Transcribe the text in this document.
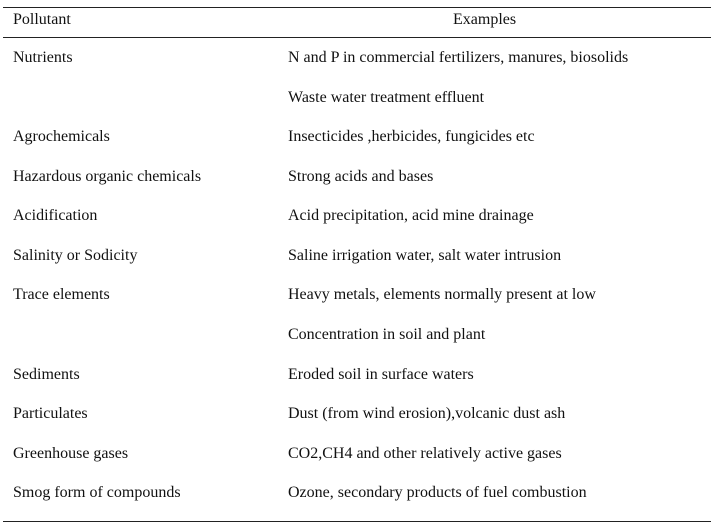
Pollutant	Examples
Nutrients	N and P in commercial fertilizers, manures, biosolids
Waste water treatment effluent
Agrochemicals	Insecticides ,herbicides, fungicides etc
Hazardous organic chemicals	Strong acids and bases
Acidification	Acid precipitation, acid mine drainage
Salinity or Sodicity	Saline irrigation water, salt water intrusion
Trace elements	Heavy metals, elements normally present at low
Concentration in soil and plant
Sediments	Eroded soil in surface waters
Particulates	Dust (from wind erosion),volcanic dust ash
Greenhouse gases	CO2,CH4 and other relatively active gases
Smog form of compounds	Ozone, secondary products of fuel combustion
